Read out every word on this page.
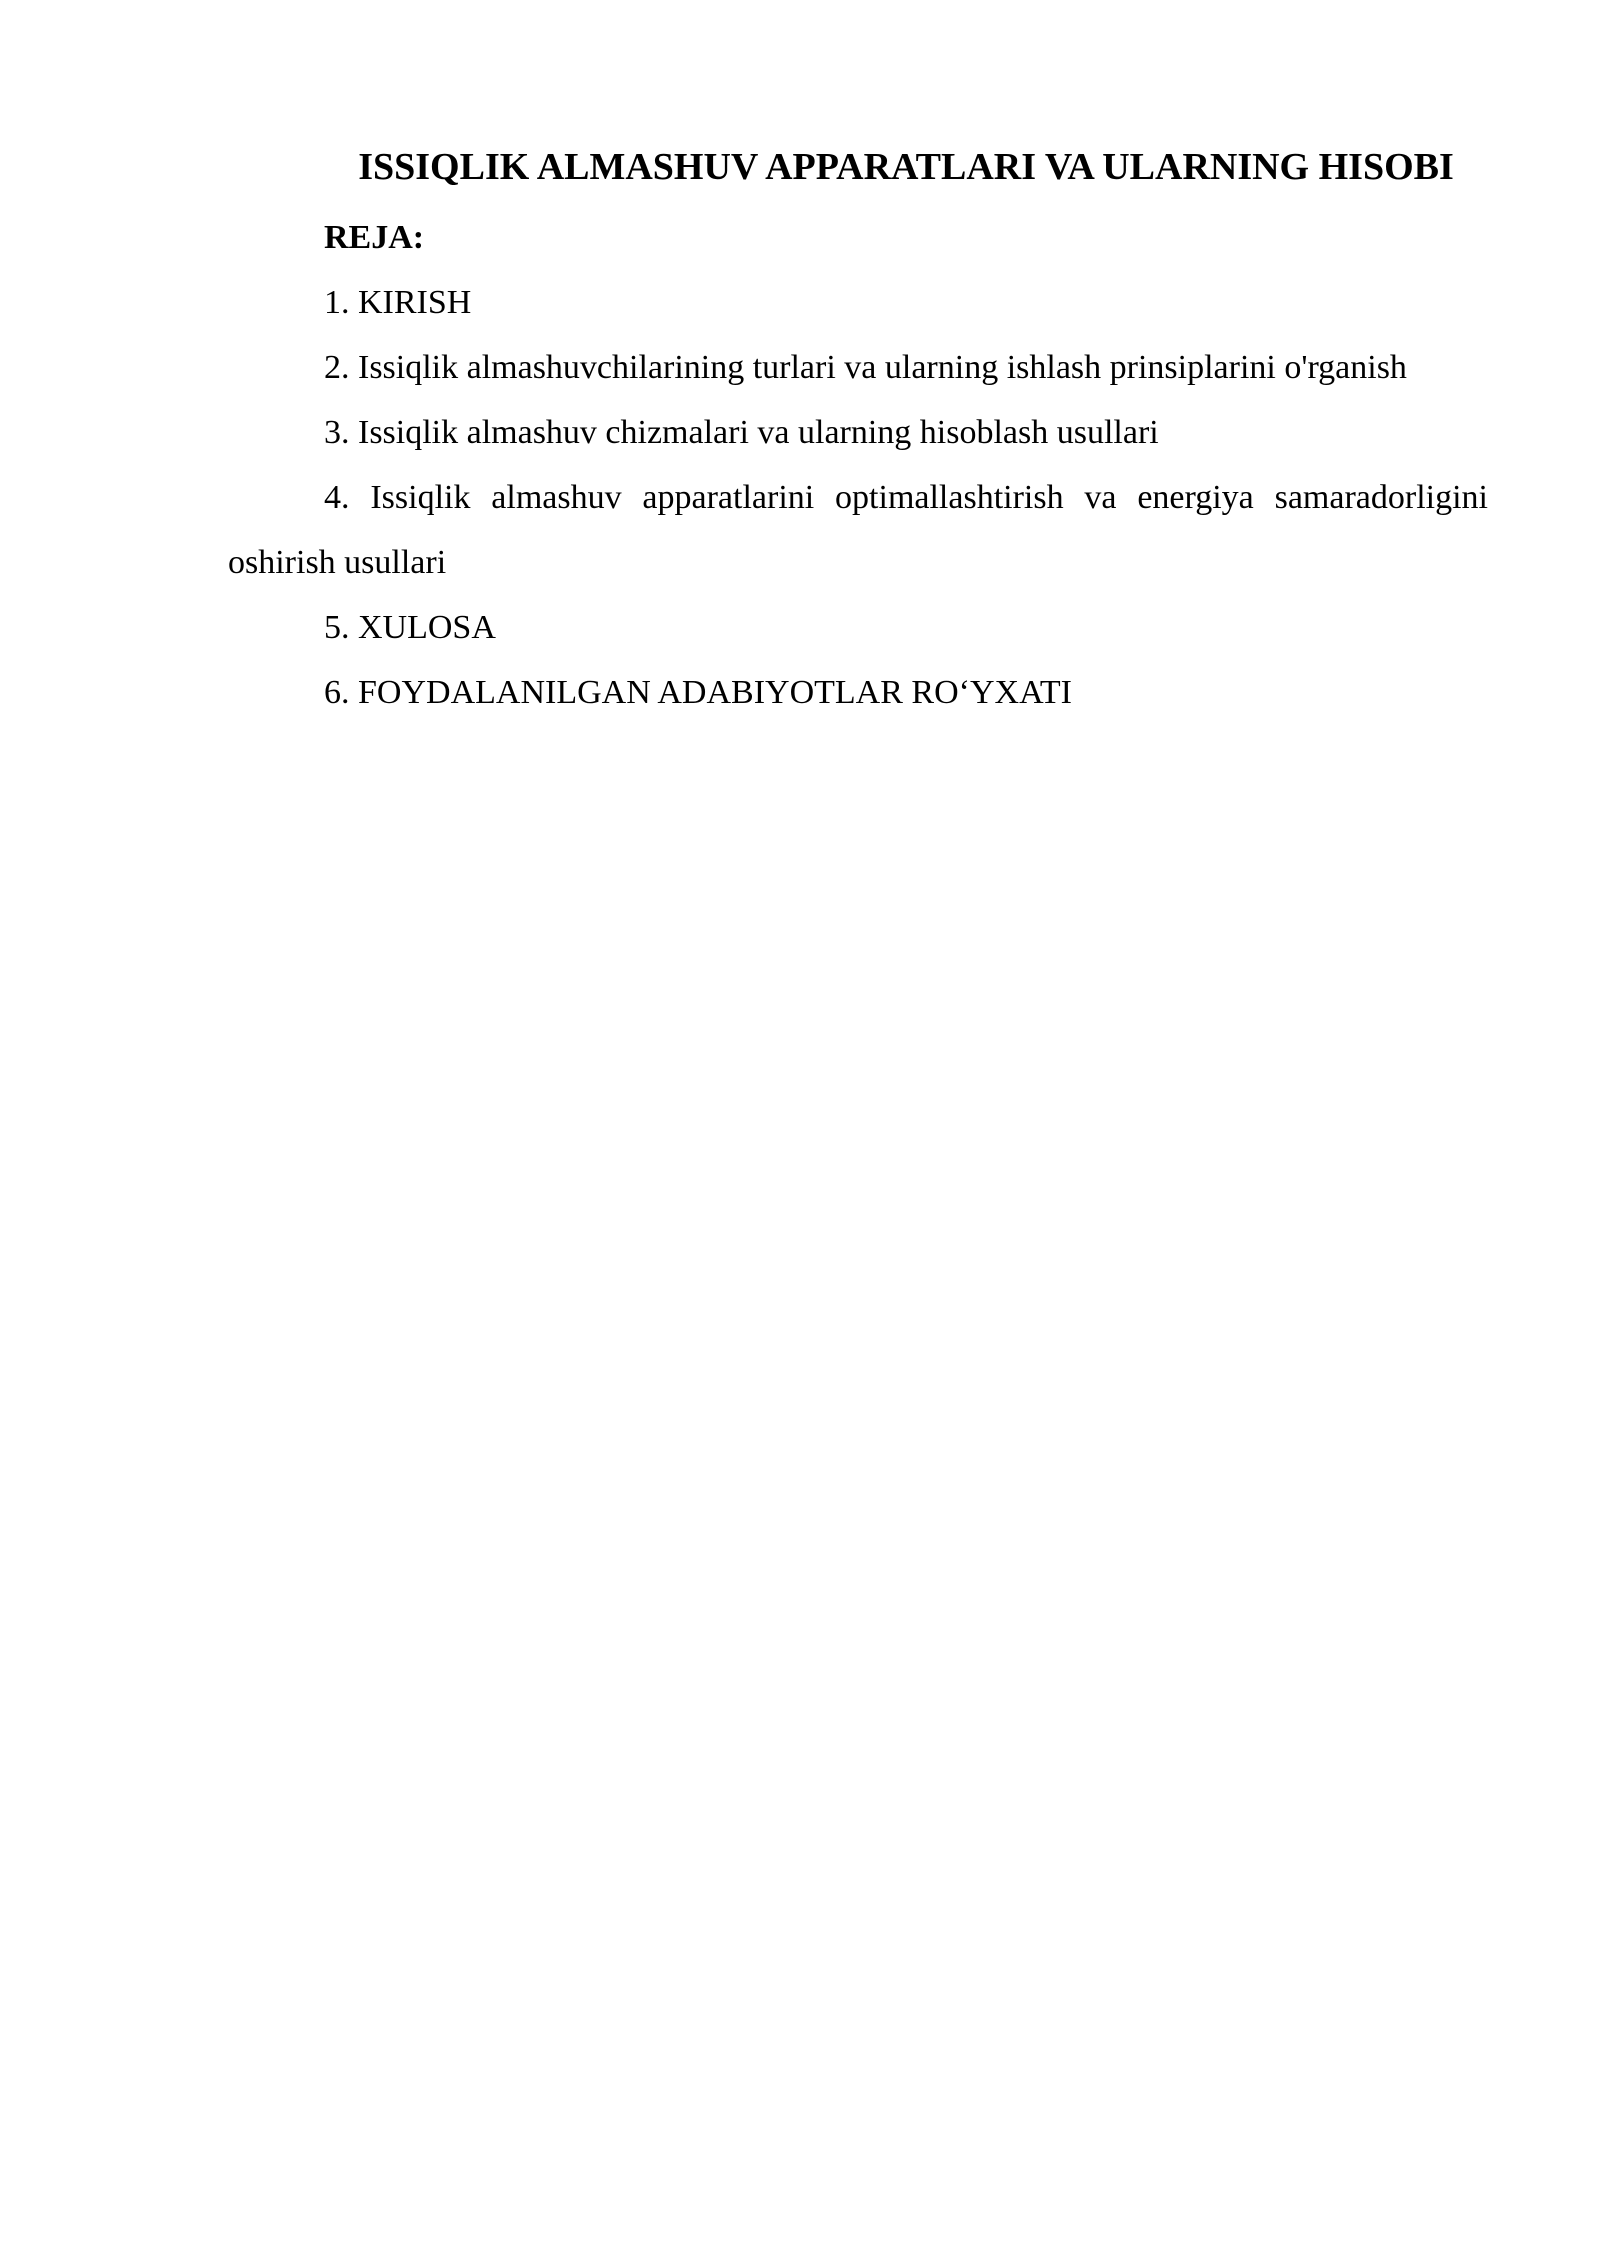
ISSIQLIK ALMASHUV APPARATLARI VA ULARNING HISOBI

REJA:

1. KIRISH
2. Issiqlik almashuvchilarining turlari va ularning ishlash prinsiplarini o'rganish
3. Issiqlik almashuv chizmalari va ularning hisoblash usullari
4. Issiqlik almashuv apparatlarini optimallashtirish va energiya samaradorligini oshirish usullari
5. XULOSA
6. FOYDALANILGAN ADABIYOTLAR RO‘YXATI
